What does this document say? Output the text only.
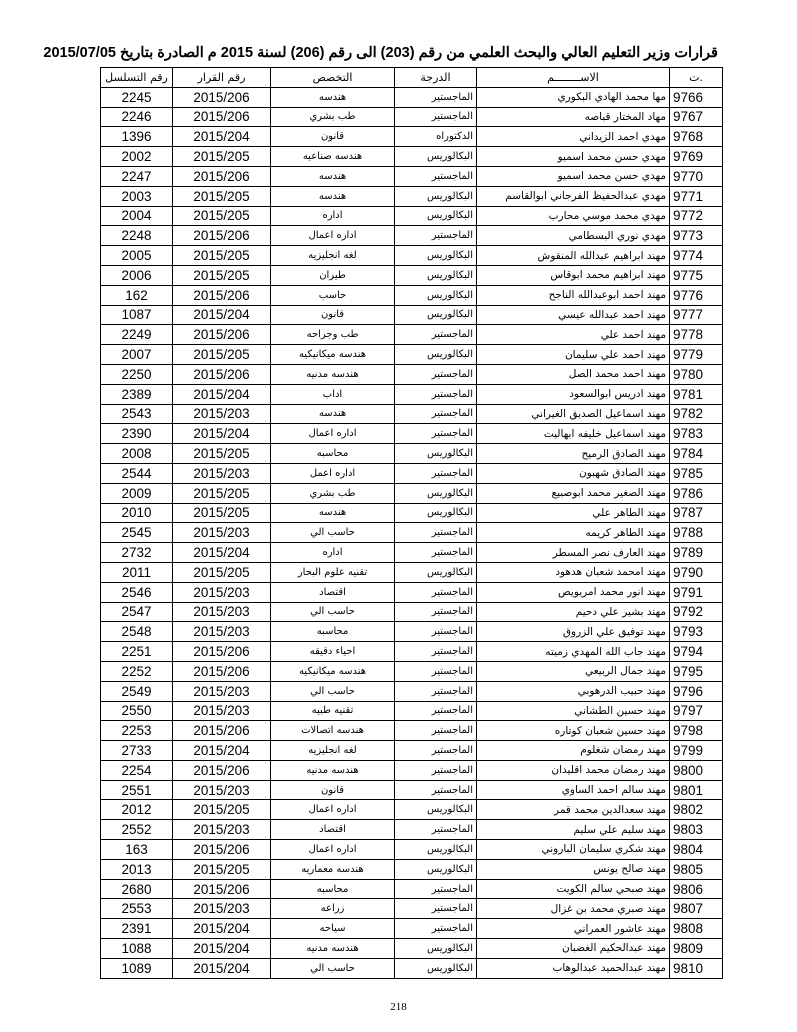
قرارات وزير التعليم العالي والبحث العلمي من رقم (203) الى رقم (206) لسنة 2015 م الصادرة بتاريخ 2015/07/05
رقم التسلسل	رقم القرار	التخصص	الدرجة	الاســــــــم	ت.
2245	2015/206	هندسه	الماجستير	مها محمد الهادي البكوري	9766
2246	2015/206	طب بشري	الماجستير	مهاد المختار قباصه	9767
1396	2015/204	قانون	الدكتوراه	مهدي احمد الزيداني	9768
2002	2015/205	هندسه صناعيه	البكالوريس	مهدي حسن محمد اسميو	9769
2247	2015/206	هندسه	الماجستير	مهدي حسن محمد اسميو	9770
2003	2015/205	هندسه	البكالوريس	مهدي عبدالحفيظ الفرجاني ابوالقاسم	9771
2004	2015/205	اداره	البكالوريس	مهدي محمد موسي محارب	9772
2248	2015/206	اداره اعمال	الماجستير	مهدي نوري البسطامي	9773
2005	2015/205	لغه انجليزيه	البكالوريس	مهند ابراهيم عبدالله المنقوش	9774
2006	2015/205	طيران	البكالوريس	مهند ابراهيم محمد ابوقاس	9775
162	2015/206	حاسب	البكالوريس	مهند احمد ابوعبدالله الناجح	9776
1087	2015/204	قانون	البكالوريس	مهند احمد عبدالله عيسي	9777
2249	2015/206	طب وجراحه	الماجستير	مهند احمد علي	9778
2007	2015/205	هندسه ميكانيكيه	البكالوريس	مهند احمد علي سليمان	9779
2250	2015/206	هندسه مدنيه	الماجستير	مهند احمد محمد الصل	9780
2389	2015/204	اداب	الماجستير	مهند ادريس ابوالسعود	9781
2543	2015/203	هندسه	الماجستير	مهند اسماعيل الصديق الغيراني	9782
2390	2015/204	اداره اعمال	الماجستير	مهند اسماعيل خليفه ابهاليت	9783
2008	2015/205	محاسبه	البكالوريس	مهند الصادق الرميح	9784
2544	2015/203	اداره اعمل	الماجستير	مهند الصادق شهبون	9785
2009	2015/205	طب بشري	البكالوريس	مهند الصغير محمد ابوصبيع	9786
2010	2015/205	هندسه	البكالوريس	مهند الطاهر علي	9787
2545	2015/203	حاسب الي	الماجستير	مهند الطاهر كريمه	9788
2732	2015/204	اداره	الماجستير	مهند العارف نصر المسطر	9789
2011	2015/205	تقنيه علوم البحار	البكالوريس	مهند امحمد شعبان هدهود	9790
2546	2015/203	اقتصاد	الماجستير	مهند انور محمد امريويص	9791
2547	2015/203	حاسب الي	الماجستير	مهند بشير علي دحيم	9792
2548	2015/203	محاسبه	الماجستير	مهند توفيق علي الزروق	9793
2251	2015/206	احياء دقيقه	الماجستير	مهند جاب الله المهدي زميته	9794
2252	2015/206	هندسه ميكانيكيه	الماجستير	مهند جمال الربيعي	9795
2549	2015/203	حاسب الي	الماجستير	مهند حبيب الدرهوبي	9796
2550	2015/203	تقنيه طبيه	الماجستير	مهند حسين الطشاني	9797
2253	2015/206	هندسه اتصالات	الماجستير	مهند حسين شعبان كوتاره	9798
2733	2015/204	لغه انجليزيه	الماجستير	مهند رمضان شغلوم	9799
2254	2015/206	هندسه مدنيه	الماجستير	مهند رمضان محمد اقليدان	9800
2551	2015/203	قانون	الماجستير	مهند سالم احمد الساوي	9801
2012	2015/205	اداره اعمال	البكالوريس	مهند سعدالدين محمد قمر	9802
2552	2015/203	اقتصاد	الماجستير	مهند سليم علي سليم	9803
163	2015/206	اداره اعمال	البكالوريس	مهند شكري سليمان الباروني	9804
2013	2015/205	هندسه معماريه	البكالوريس	مهند صالح يونس	9805
2680	2015/206	محاسبه	الماجستير	مهند صبحي سالم الكويت	9806
2553	2015/203	زراعه	الماجستير	مهند صبري محمد بن غزال	9807
2391	2015/204	سياحه	الماجستير	مهند عاشور العمراني	9808
1088	2015/204	هندسه مدنيه	البكالوريس	مهند عبدالحكيم الغضبان	9809
1089	2015/204	حاسب الي	البكالوريس	مهند عبدالحميد عبدالوهاب	9810
218
